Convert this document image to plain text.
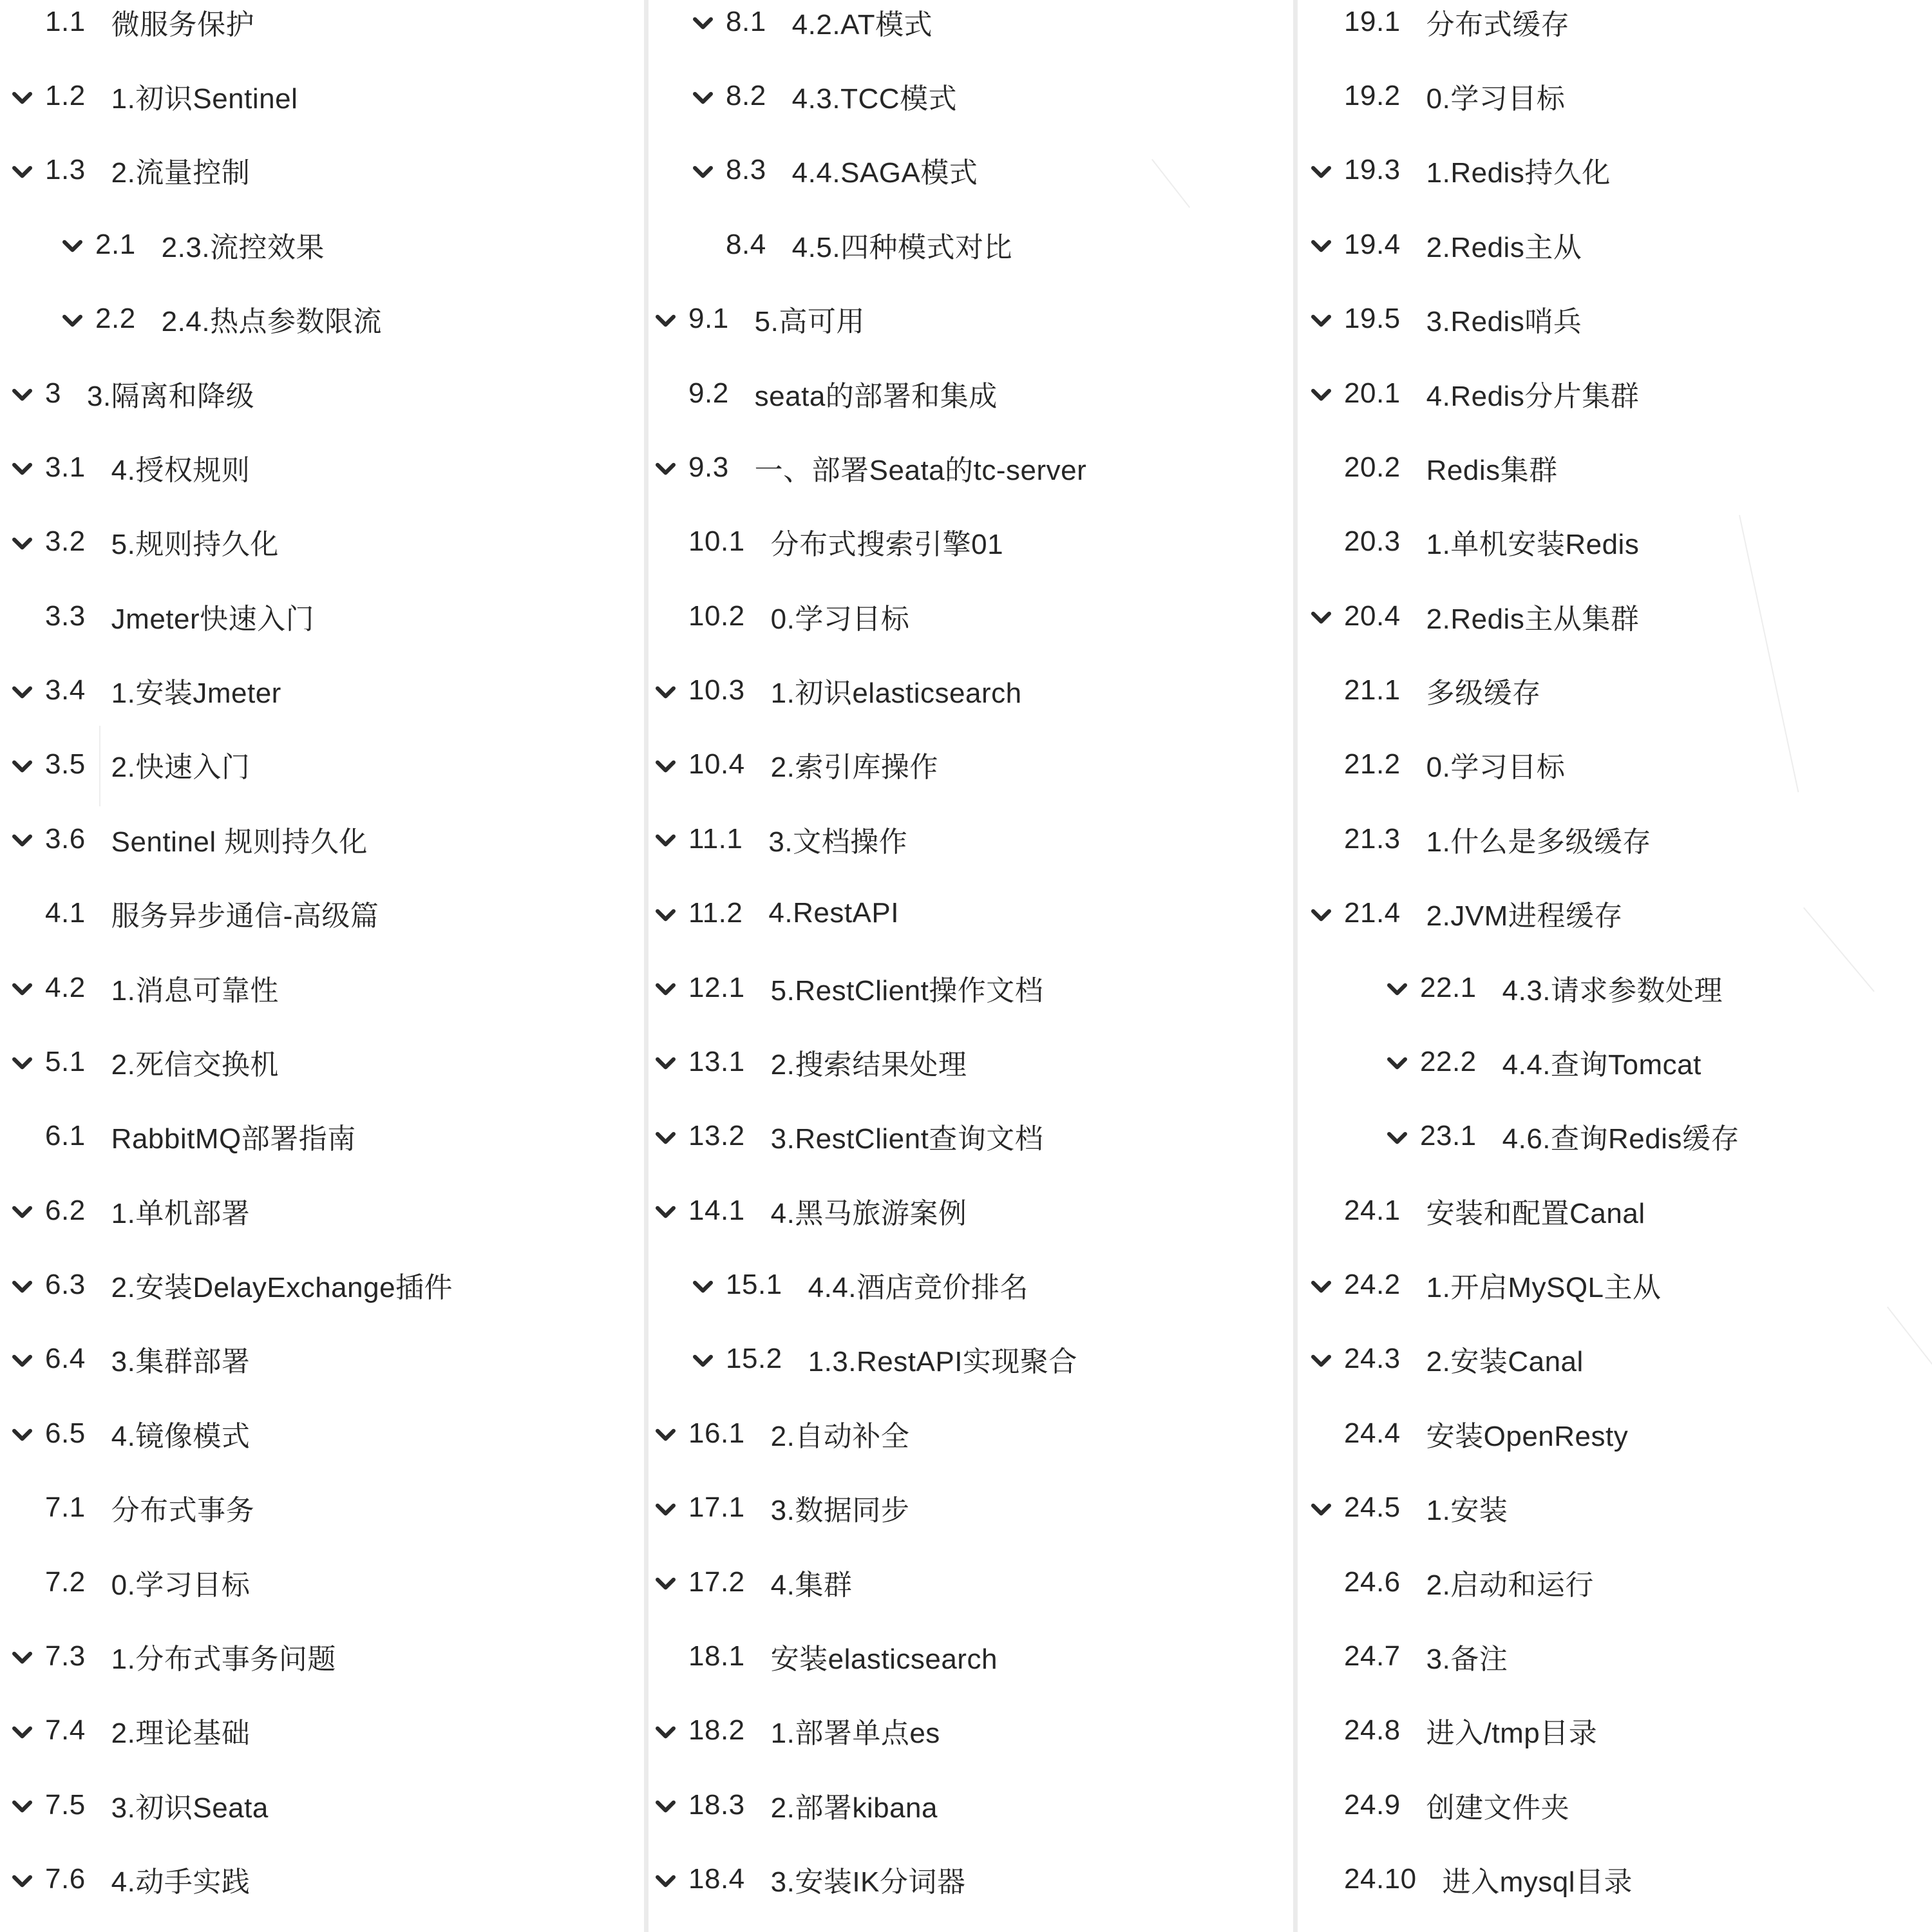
1.1 微服务保护
1.2 1.初识Sentinel
1.3 2.流量控制
2.1 2.3.流控效果
2.2 2.4.热点参数限流
3 3.隔离和降级
3.1 4.授权规则
3.2 5.规则持久化
3.3 Jmeter快速入门
3.4 1.安装Jmeter
3.5 2.快速入门
3.6 Sentinel 规则持久化
4.1 服务异步通信-高级篇
4.2 1.消息可靠性
5.1 2.死信交换机
6.1 RabbitMQ部署指南
6.2 1.单机部署
6.3 2.安装DelayExchange插件
6.4 3.集群部署
6.5 4.镜像模式
7.1 分布式事务
7.2 0.学习目标
7.3 1.分布式事务问题
7.4 2.理论基础
7.5 3.初识Seata
7.6 4.动手实践
8.1 4.2.AT模式
8.2 4.3.TCC模式
8.3 4.4.SAGA模式
8.4 4.5.四种模式对比
9.1 5.高可用
9.2 seata的部署和集成
9.3 一、部署Seata的tc-server
10.1 分布式搜索引擎01
10.2 0.学习目标
10.3 1.初识elasticsearch
10.4 2.索引库操作
11.1 3.文档操作
11.2 4.RestAPI
12.1 5.RestClient操作文档
13.1 2.搜索结果处理
13.2 3.RestClient查询文档
14.1 4.黑马旅游案例
15.1 4.4.酒店竞价排名
15.2 1.3.RestAPI实现聚合
16.1 2.自动补全
17.1 3.数据同步
17.2 4.集群
18.1 安装elasticsearch
18.2 1.部署单点es
18.3 2.部署kibana
18.4 3.安装IK分词器
19.1 分布式缓存
19.2 0.学习目标
19.3 1.Redis持久化
19.4 2.Redis主从
19.5 3.Redis哨兵
20.1 4.Redis分片集群
20.2 Redis集群
20.3 1.单机安装Redis
20.4 2.Redis主从集群
21.1 多级缓存
21.2 0.学习目标
21.3 1.什么是多级缓存
21.4 2.JVM进程缓存
22.1 4.3.请求参数处理
22.2 4.4.查询Tomcat
23.1 4.6.查询Redis缓存
24.1 安装和配置Canal
24.2 1.开启MySQL主从
24.3 2.安装Canal
24.4 安装OpenResty
24.5 1.安装
24.6 2.启动和运行
24.7 3.备注
24.8 进入/tmp目录
24.9 创建文件夹
24.10 进入mysql目录
